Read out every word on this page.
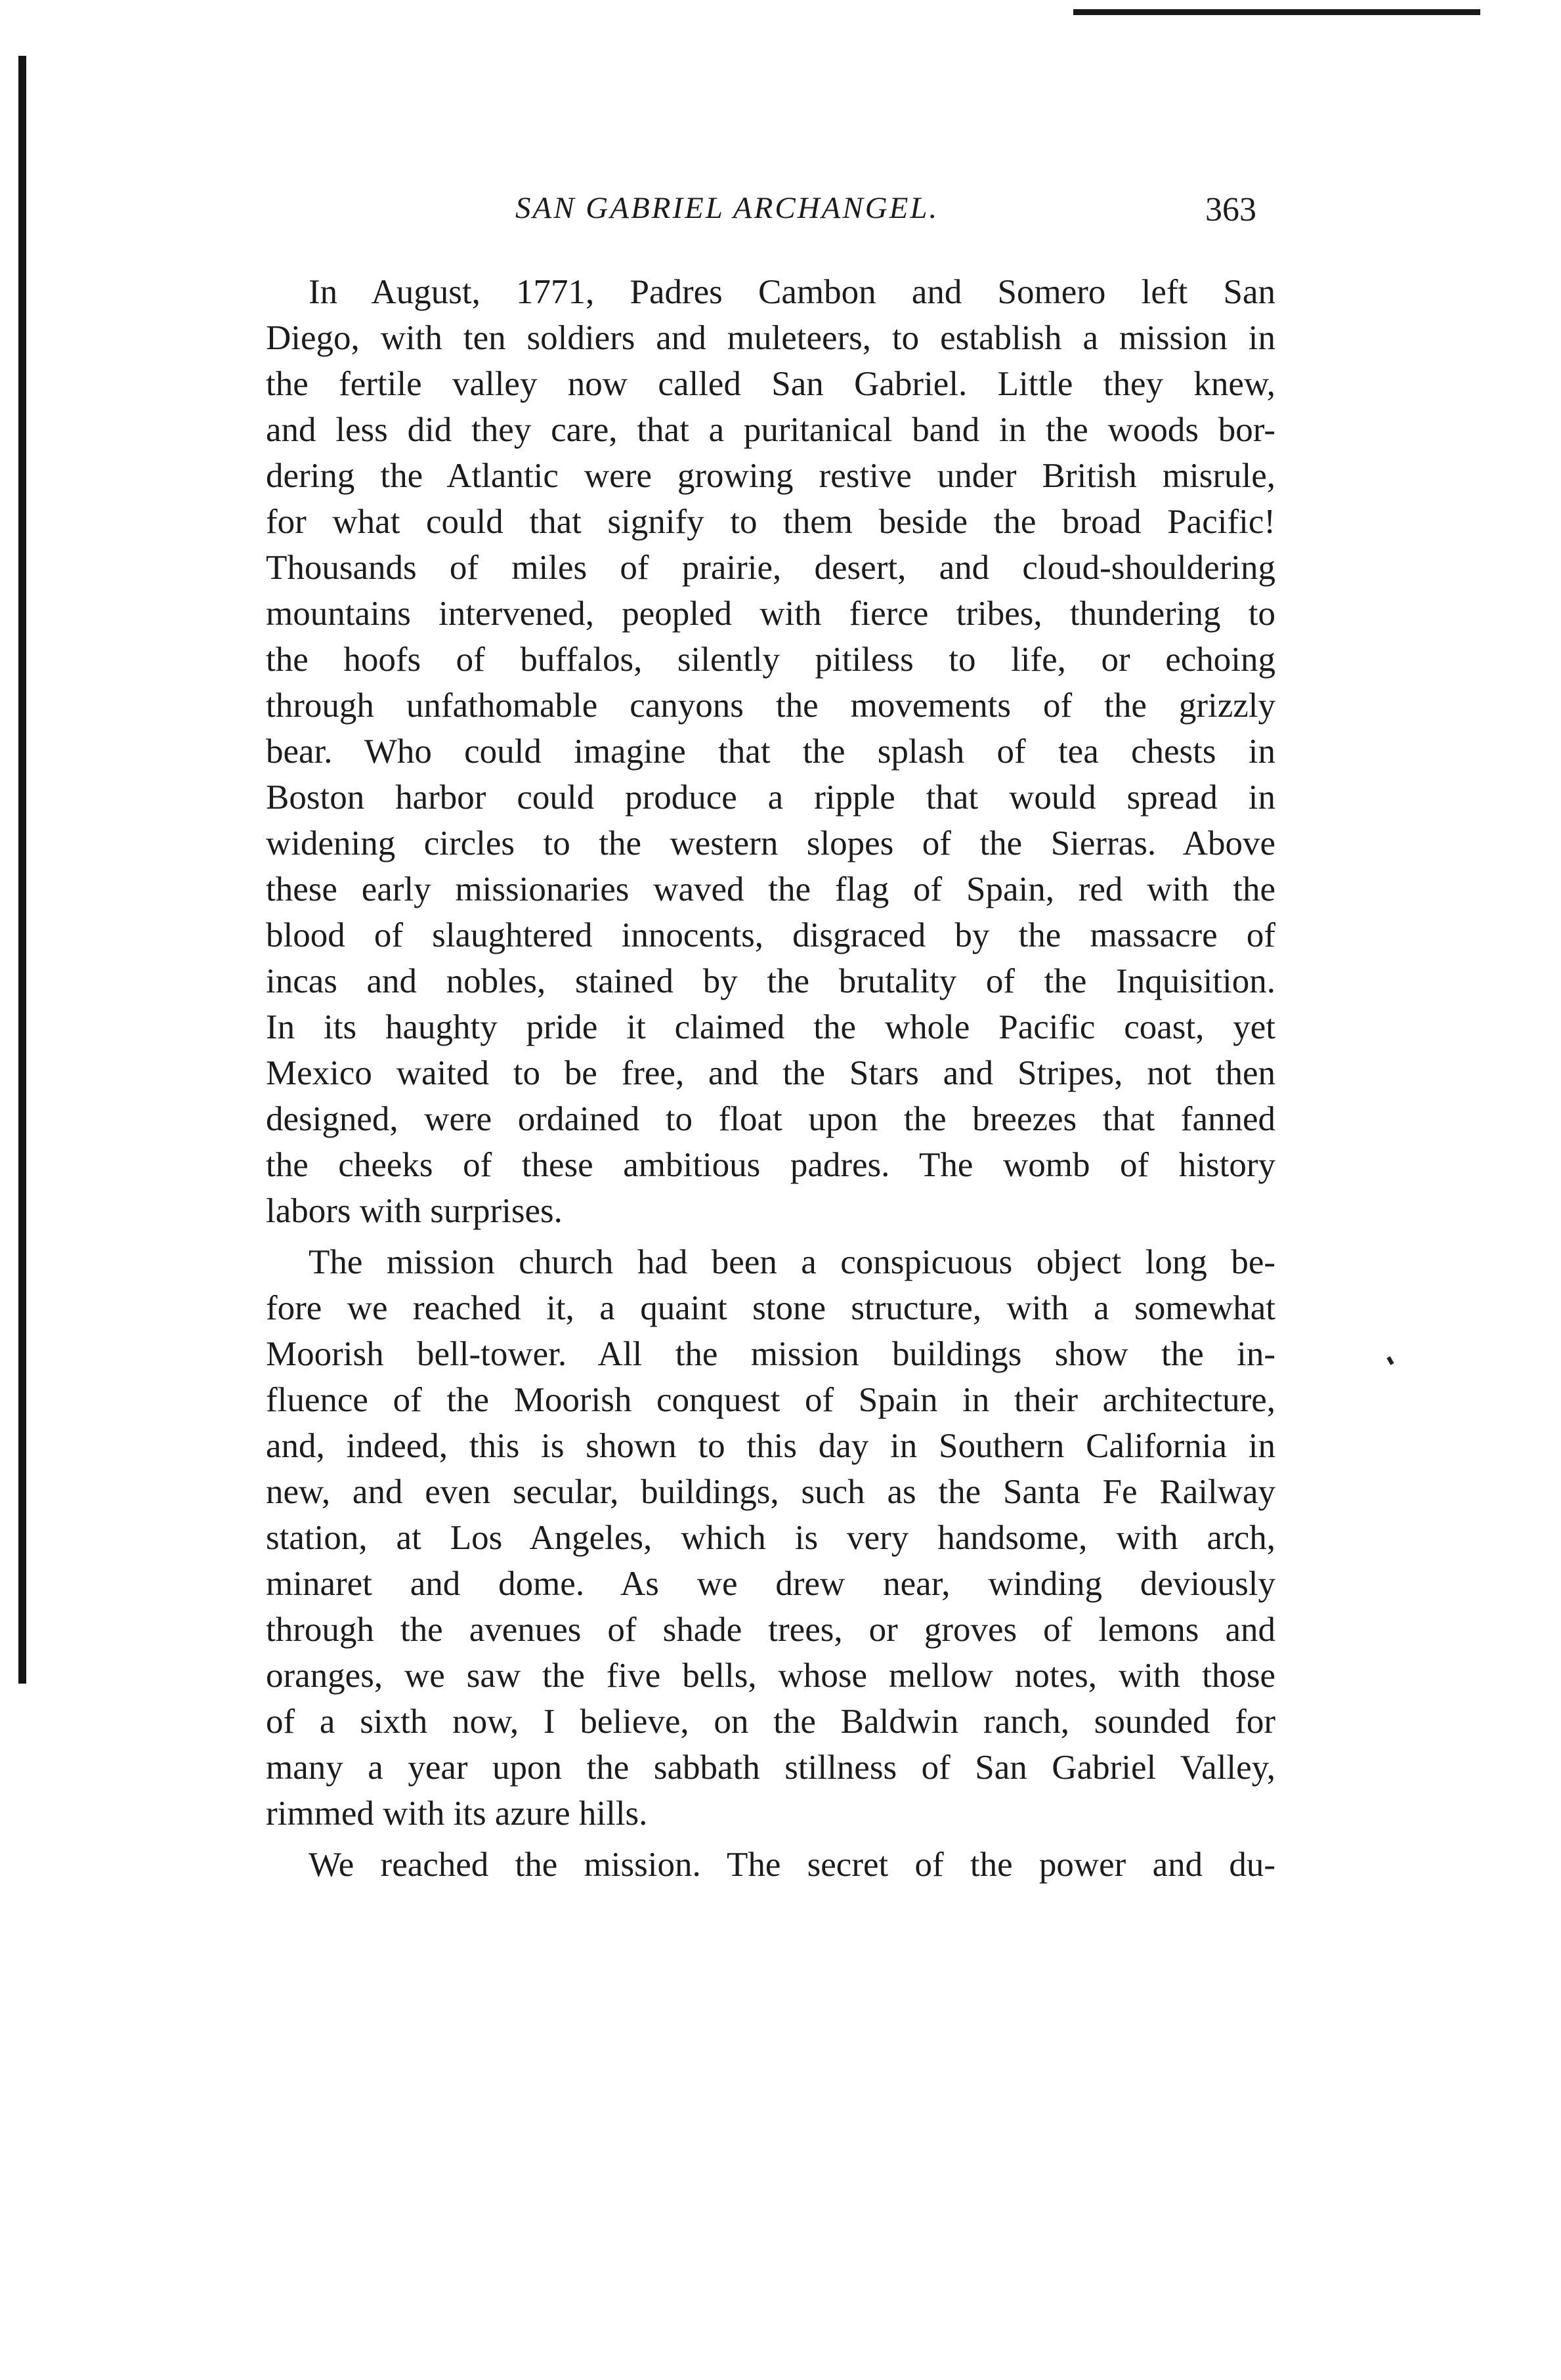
SAN GABRIEL ARCHANGEL.	363
In August, 1771, Padres Cambon and Somero left San
Diego, with ten soldiers and muleteers, to establish a mission in
the fertile valley now called San Gabriel. Little they knew,
and less did they care, that a puritanical band in the woods bor-
dering the Atlantic were growing restive under British misrule,
for what could that signify to them beside the broad Pacific!
Thousands of miles of prairie, desert, and cloud-shouldering
mountains intervened, peopled with fierce tribes, thundering to
the hoofs of buffalos, silently pitiless to life, or echoing
through unfathomable canyons the movements of the grizzly
bear. Who could imagine that the splash of tea chests in
Boston harbor could produce a ripple that would spread in
widening circles to the western slopes of the Sierras. Above
these early missionaries waved the flag of Spain, red with the
blood of slaughtered innocents, disgraced by the massacre of
incas and nobles, stained by the brutality of the Inquisition.
In its haughty pride it claimed the whole Pacific coast, yet
Mexico waited to be free, and the Stars and Stripes, not then
designed, were ordained to float upon the breezes that fanned
the cheeks of these ambitious padres. The womb of history
labors with surprises.
The mission church had been a conspicuous object long be-
fore we reached it, a quaint stone structure, with a somewhat
Moorish bell-tower. All the mission buildings show the in-
fluence of the Moorish conquest of Spain in their architecture,
and, indeed, this is shown to this day in Southern California in
new, and even secular, buildings, such as the Santa Fe Railway
station, at Los Angeles, which is very handsome, with arch,
minaret and dome. As we drew near, winding deviously
through the avenues of shade trees, or groves of lemons and
oranges, we saw the five bells, whose mellow notes, with those
of a sixth now, I believe, on the Baldwin ranch, sounded for
many a year upon the sabbath stillness of San Gabriel Valley,
rimmed with its azure hills.
We reached the mission. The secret of the power and du-
